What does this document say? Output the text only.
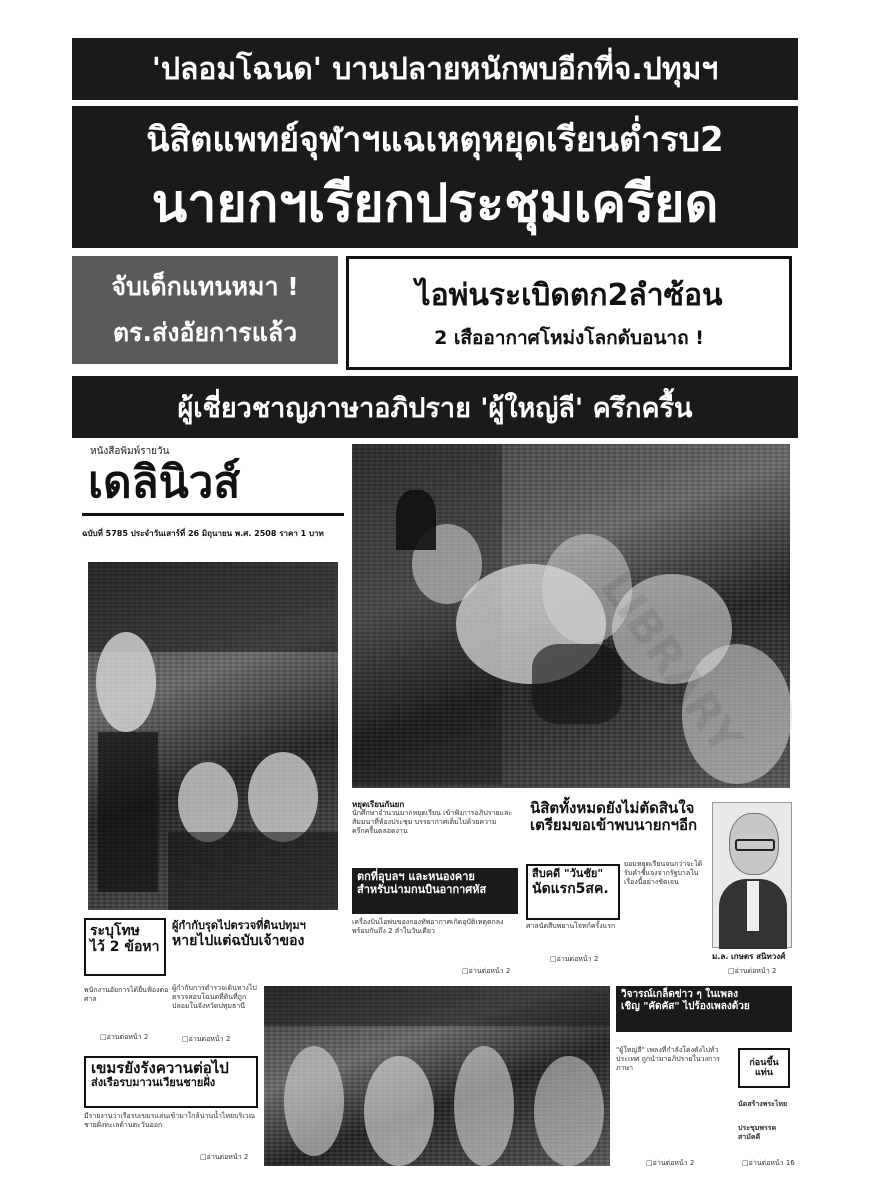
'ปลอมโฉนด' บานปลายหนักพบอีกที่จ.ปทุมฯ
นิสิตแพทย์จุฬาฯแฉเหตุหยุดเรียนต่ำรบ2
นายกฯเรียกประชุมเครียด
จับเด็กแทนหมา !
ตร.ส่งอัยการแล้ว
ไอพ่นระเบิดตก2ลำซ้อน
2 เสืออากาศโหม่งโลกดับอนาถ !
ผู้เชี่ยวชาญภาษาอภิปราย 'ผู้ใหญ่ลี' ครึกครื้น
หนังสือพิมพ์รายวัน
เดลินิวส์
ฉบับที่ 5785 ประจำวันเสาร์ที่ 26 มิถุนายน พ.ศ. 2508 ราคา 1 บาท
หยุดเรียนกันยก
นักศึกษาจำนวนมากหยุดเรียน เข้าฟังการอภิปรายและสัมมนาที่ห้องประชุม บรรยากาศเต็มไปด้วยความครึกครื้นตลอดงาน
นิสิตทั้งหมดยังไม่ตัดสินใจ
เตรียมขอเข้าพบนายกฯอีก
ยอมหยุดเรียนจนกว่าจะได้รับคำชี้แจงจากรัฐบาลในเรื่องนี้อย่างชัดเจน
ม.ล. เกษตร สนิทวงศ์
□ อ่านต่อหน้า 2
ตกที่อุบลฯ และหนองคาย
สำหรับน่ามกนบินอากาศหัส
เครื่องบินไอพ่นของกองทัพอากาศเกิดอุบัติเหตุตกลงพร้อมกันถึง 2 ลำในวันเดียว
□ อ่านต่อหน้า 2
สืบคดี "วันชัย"
นัดแรก5สค.
ศาลนัดสืบพยานโจทก์ครั้งแรก
□ อ่านต่อหน้า 2
ระบุโทษ
ไว้ 2 ข้อหา
พนักงานอัยการได้ยื่นฟ้องต่อศาล
□ อ่านต่อหน้า 2
ผู้กำกับรุดไปตรวจที่ดินปทุมฯ
หายไปแต่ฉบับเจ้าของ
ผู้กำกับการตำรวจเดินทางไปตรวจสอบโฉนดที่ดินที่ถูกปลอมในจังหวัดปทุมธานี
□ อ่านต่อหน้า 2
เขมรยังรังควานต่อไป
ส่งเรือรบมาวนเวียนชายฝั่ง
มีรายงานว่าเรือรบเขมรแล่นเข้ามาใกล้น่านน้ำไทยบริเวณชายฝั่งทะเลด้านตะวันออก
□ อ่านต่อหน้า 2
วิจารณ์เกล็ดข่าว ๆ ในเพลง
เชิญ "คัดคัส" ไปร้องเพลงด้วย
"ผู้ใหญ่ลี" เพลงที่กำลังโด่งดังไปทั่วประเทศ ถูกนำมาอภิปรายในวงการภาษา
□ อ่านต่อหน้า 2
ก่อนขึ้นแท่น
นัดสร้างพระไทย
ประชุมพรรคสามัคคี
□ อ่านต่อหน้า 16
